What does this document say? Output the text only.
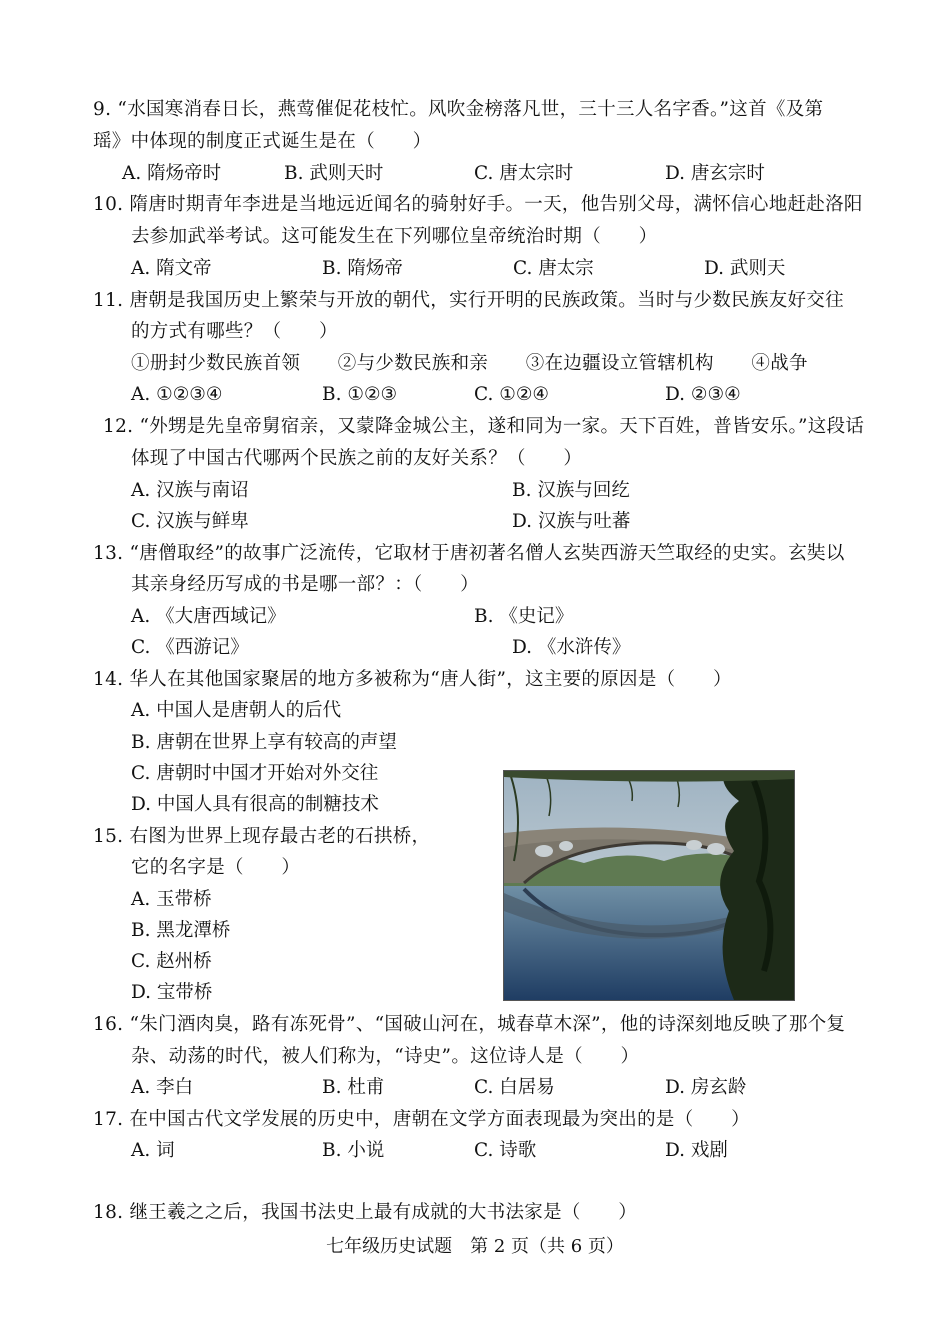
9. “水国寒消春日长，燕莺催促花枝忙。风吹金榜落凡世，三十三人名字香。”这首《及第
瑶》中体现的制度正式诞生是在（　　）
A. 隋炀帝时	B. 武则天时	C. 唐太宗时	D. 唐玄宗时
10. 隋唐时期青年李进是当地远近闻名的骑射好手。一天，他告别父母，满怀信心地赶赴洛阳
去参加武举考试。这可能发生在下列哪位皇帝统治时期（　　）
A. 隋文帝	B. 隋炀帝	C. 唐太宗	D. 武则天
11. 唐朝是我国历史上繁荣与开放的朝代，实行开明的民族政策。当时与少数民族友好交往
的方式有哪些？（　　）
①册封少数民族首领　　②与少数民族和亲　　③在边疆设立管辖机构　　④战争
A. ①②③④	B. ①②③	C. ①②④	D. ②③④
12. “外甥是先皇帝舅宿亲，又蒙降金城公主，遂和同为一家。天下百姓，普皆安乐。”这段话
体现了中国古代哪两个民族之前的友好关系？（　　）
A. 汉族与南诏	B. 汉族与回纥
C. 汉族与鲜卑	D. 汉族与吐蕃
13. “唐僧取经”的故事广泛流传，它取材于唐初著名僧人玄奘西游天竺取经的史实。玄奘以
其亲身经历写成的书是哪一部？：（　　）
A. 《大唐西域记》	B. 《史记》
C. 《西游记》	D. 《水浒传》
14. 华人在其他国家聚居的地方多被称为“唐人街”，这主要的原因是（　　）
A. 中国人是唐朝人的后代
B. 唐朝在世界上享有较高的声望
C. 唐朝时中国才开始对外交往
D. 中国人具有很高的制糖技术
15. 右图为世界上现存最古老的石拱桥，
它的名字是（　　）
A. 玉带桥
B. 黑龙潭桥
C. 赵州桥
D. 宝带桥
16. “朱门酒肉臭，路有冻死骨”、“国破山河在，城春草木深”，他的诗深刻地反映了那个复
杂、动荡的时代，被人们称为，“诗史”。这位诗人是（　　）
A. 李白	B. 杜甫	C. 白居易	D. 房玄龄
17. 在中国古代文学发展的历史中，唐朝在文学方面表现最为突出的是（　　）
A. 词	B. 小说	C. 诗歌	D. 戏剧
18. 继王羲之之后，我国书法史上最有成就的大书法家是（　　）
七年级历史试题　第 2 页（共 6 页）
